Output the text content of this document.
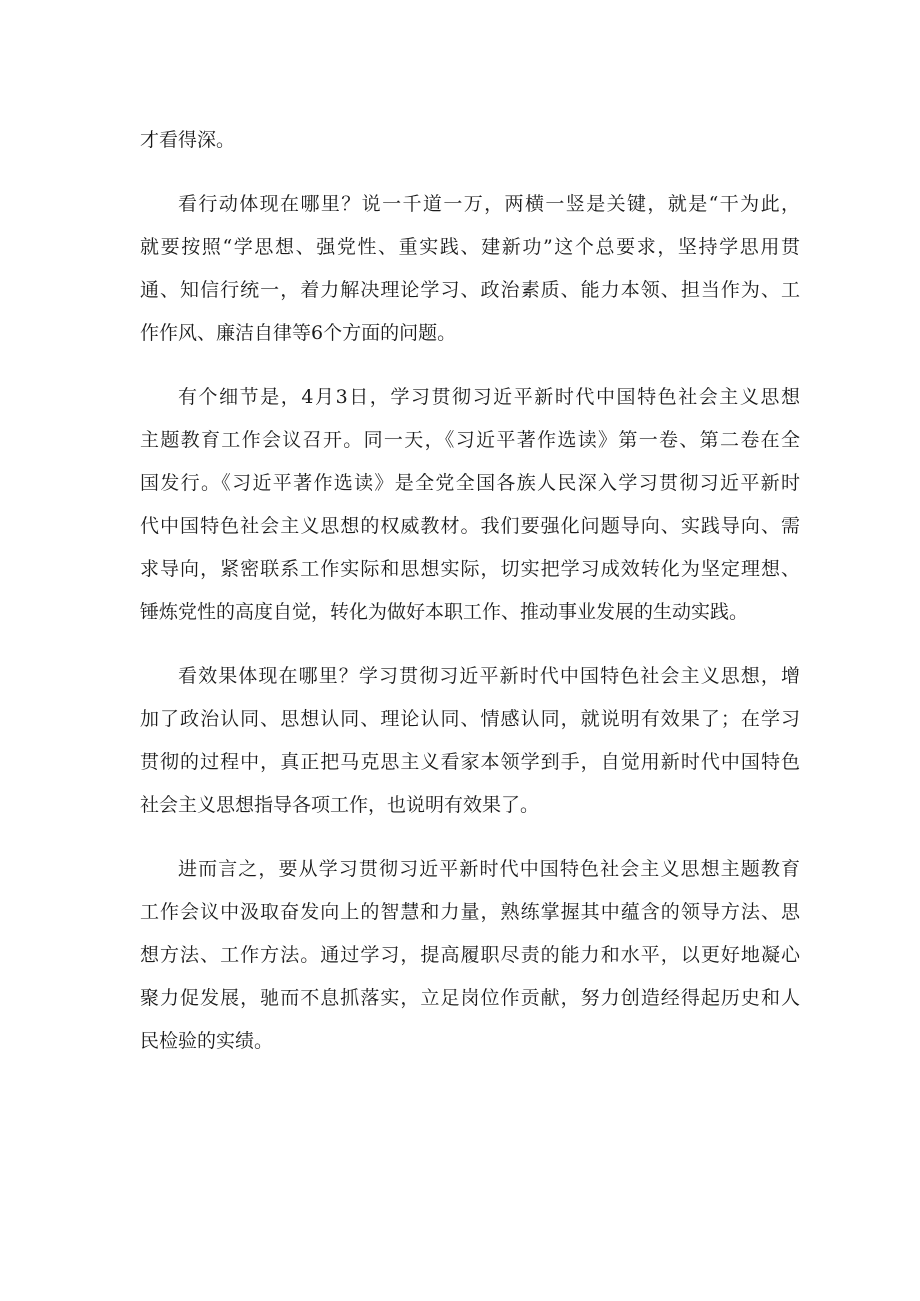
才看得深。

看行动体现在哪里？说一千道一万，两横一竖是关键，就是“干为此，

就要按照“学思想、强党性、重实践、建新功”这个总要求，坚持学思用贯

通、知信行统一，着力解决理论学习、政治素质、能力本领、担当作为、工

作作风、廉洁自律等6个方面的问题。

有个细节是，4月3日，学习贯彻习近平新时代中国特色社会主义思想

主题教育工作会议召开。同一天，《习近平著作选读》第一卷、第二卷在全

国发行。《习近平著作选读》是全党全国各族人民深入学习贯彻习近平新时

代中国特色社会主义思想的权威教材。我们要强化问题导向、实践导向、需

求导向，紧密联系工作实际和思想实际，切实把学习成效转化为坚定理想、

锤炼党性的高度自觉，转化为做好本职工作、推动事业发展的生动实践。

看效果体现在哪里？学习贯彻习近平新时代中国特色社会主义思想，增

加了政治认同、思想认同、理论认同、情感认同，就说明有效果了；在学习

贯彻的过程中，真正把马克思主义看家本领学到手，自觉用新时代中国特色

社会主义思想指导各项工作，也说明有效果了。

进而言之，要从学习贯彻习近平新时代中国特色社会主义思想主题教育

工作会议中汲取奋发向上的智慧和力量，熟练掌握其中蕴含的领导方法、思

想方法、工作方法。通过学习，提高履职尽责的能力和水平，以更好地凝心

聚力促发展，驰而不息抓落实，立足岗位作贡献，努力创造经得起历史和人

民检验的实绩。
